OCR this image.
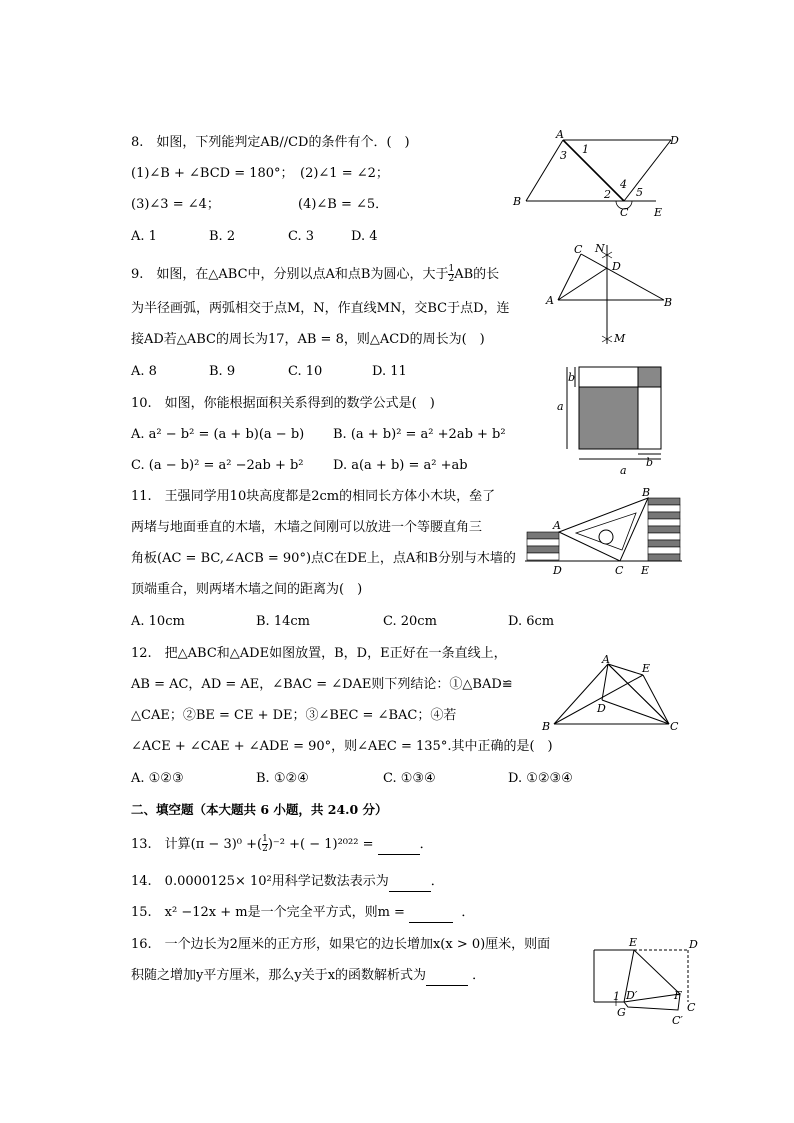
8.　如图，下列能判定AB//CD的条件有个．(　)
(1)∠B + ∠BCD = 180°； (2)∠1 = ∠2；
(3)∠3 = ∠4；	(4)∠B = ∠5．
A. 1	B. 2	C. 3	D. 4
A	D
B
C E
1
2
3
4
5
9.　如图，在△ABC中，分别以点A和点B为圆心，大于 $\frac{1}{2}$ AB的长
为半径画弧，两弧相交于点M，N，作直线MN，交BC于点D，连
接AD若△ABC的周长为17，AB = 8，则△ACD的周长为(　)
A. 8	B. 9	C. 10	D. 11
C N
D
A	B
M
10.　如图，你能根据面积关系得到的数学公式是(　)
A. a² − b² = (a + b)(a − b) B. (a + b)² = a² +2ab + b²
C. (a − b)² = a² −2ab + b² D. a(a + b) = a² +ab
b
a
b
a
11.　王强同学用10块高度都是2cm的相同长方体小木块，垒了
两堵与地面垂直的木墙，木墙之间刚可以放进一个等腰直角三
角板(AC = BC,∠ACB = 90°)点C在DE上，点A和B分别与木墙的
顶端重合，则两堵木墙之间的距离为(　)
A. 10cm	B. 14cm	C. 20cm	D. 6cm
A
B
D	C E
12.　把△ABC和△ADE如图放置，B，D，E正好在一条直线上，
AB = AC，AD = AE，∠BAC = ∠DAE则下列结论：①△BAD≌
△CAE；②BE = CE + DE；③∠BEC = ∠BAC；④若
∠ACE + ∠CAE + ∠ADE = 90°，则∠AEC = 135°.其中正确的是(　)
A. ①②③	B. ①②④	C. ①③④	D. ①②③④
A
E
D
B	C
二、填空题（本大题共 6 小题，共 24.0 分）
13.　计算(π − 3)⁰ +( $\frac{1}{2} )^{-2}$ +( − 1)²⁰²² =	．
14.　0.0000125× 10²用科学记数法表示为	．
15.　x² −12x + m是一个完全平方式，则m =	．
16.　一个边长为2厘米的正方形，如果它的边长增加x(x > 0)厘米，则面
积随之增加y平方厘米，那么y关于x的函数解析式为	．
E	D
D′	F
1
G	C
C′
